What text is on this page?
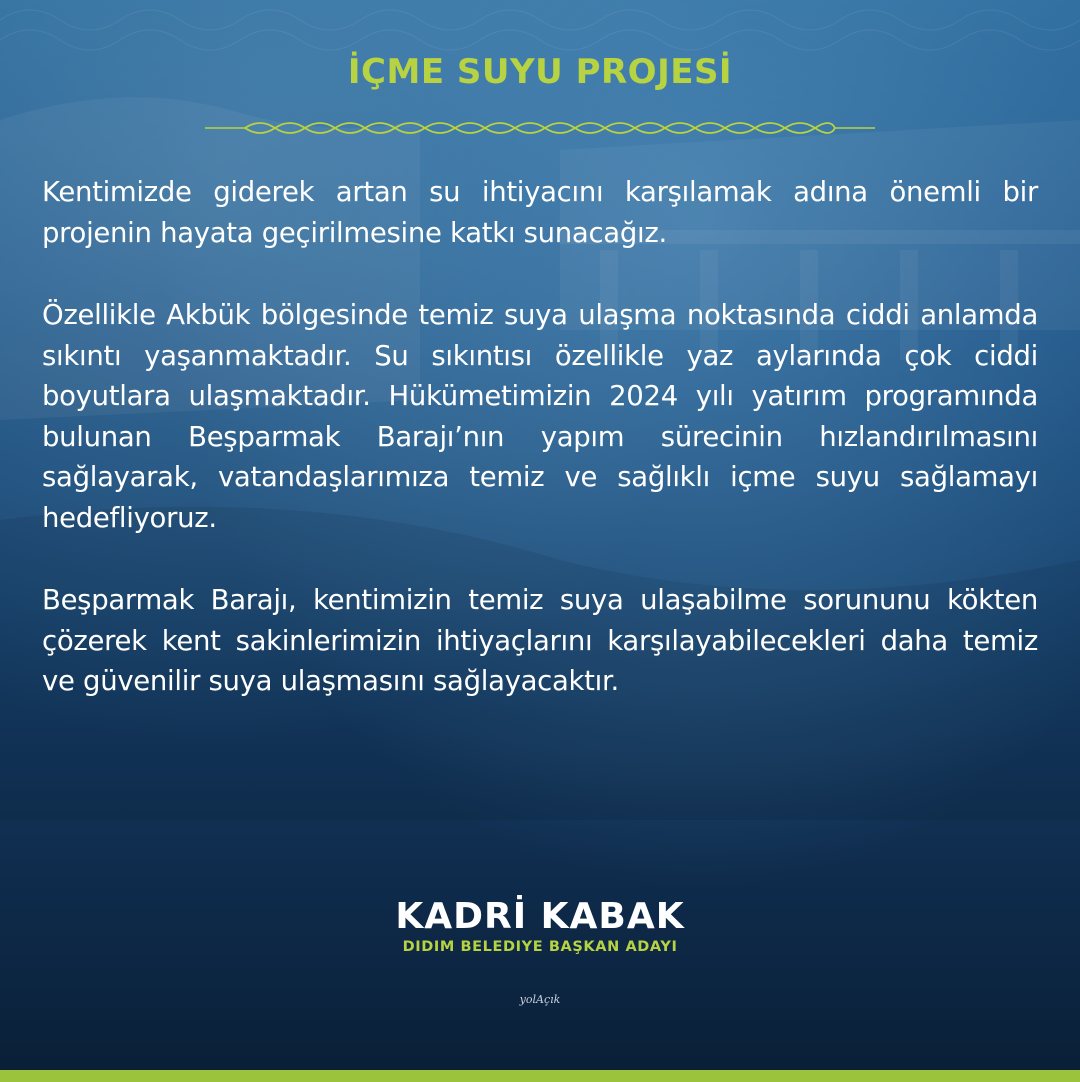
İÇME SUYU PROJESİ

Kentimizde giderek artan su ihtiyacını karşılamak adına önemli bir projenin hayata geçirilmesine katkı sunacağız.

Özellikle Akbük bölgesinde temiz suya ulaşma noktasında ciddi anlamda sıkıntı yaşanmaktadır. Su sıkıntısı özellikle yaz aylarında çok ciddi boyutlara ulaşmaktadır. Hükümetimizin 2024 yılı yatırım programında bulunan Beşparmak Barajı’nın yapım sürecinin hızlandırılmasını sağlayarak, vatandaşlarımıza temiz ve sağlıklı içme suyu sağlamayı hedefliyoruz.

Beşparmak Barajı, kentimizin temiz suya ulaşabilme sorununu kökten çözerek kent sakinlerimizin ihtiyaçlarını karşılayabilecekleri daha temiz ve güvenilir suya ulaşmasını sağlayacaktır.

KADRİ KABAK
DIDIM BELEDIYE BAŞKAN ADAYI
yolAçık
